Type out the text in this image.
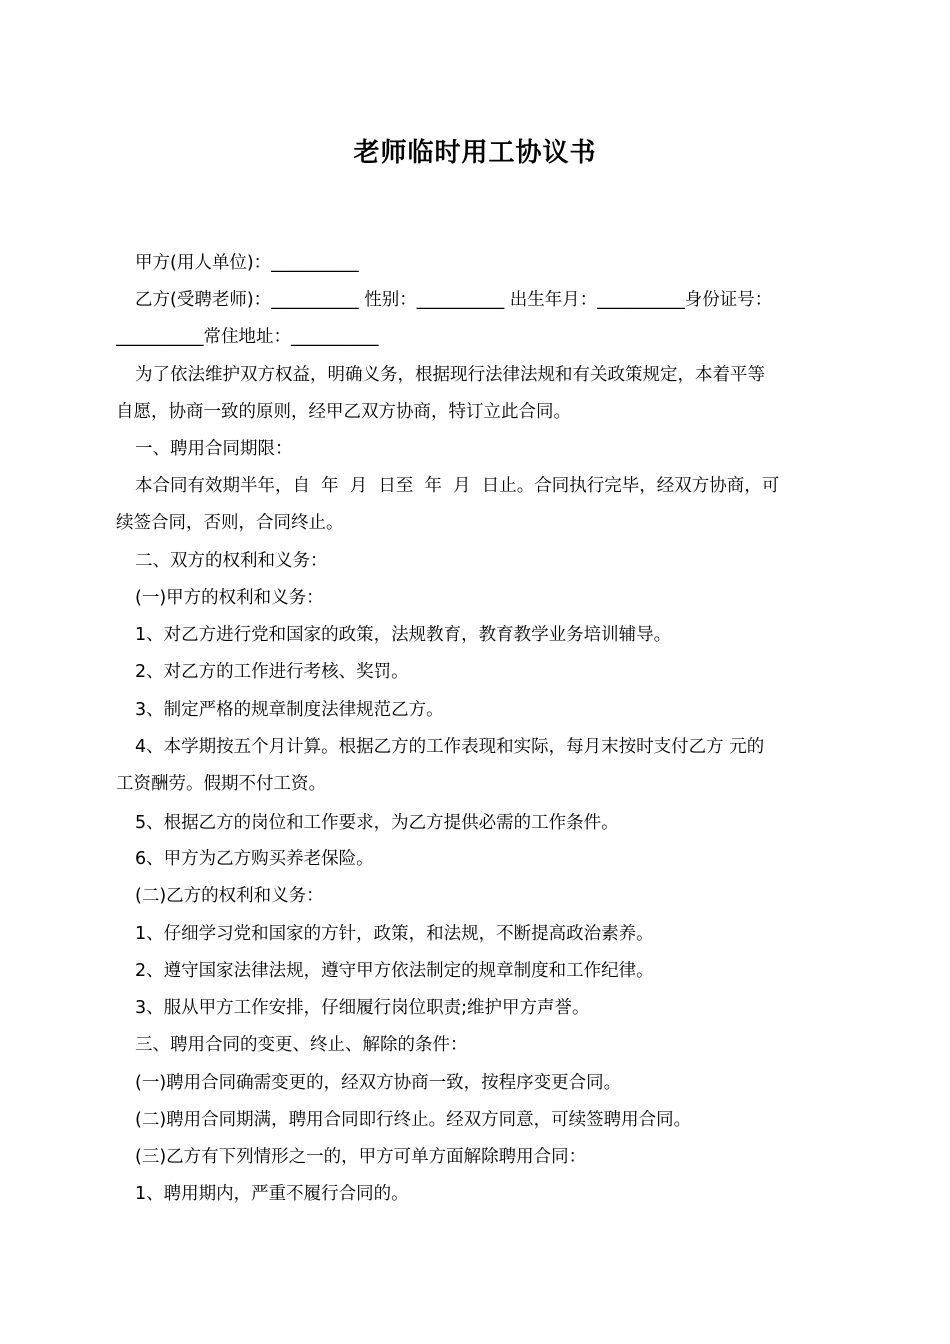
老师临时用工协议书
甲方(用人单位)：__________
乙方(受聘老师)：__________ 性别：__________ 出生年月：__________身份证号：
__________常住地址：__________
为了依法维护双方权益，明确义务，根据现行法律法规和有关政策规定，本着平等
自愿，协商一致的原则，经甲乙双方协商，特订立此合同。
一、聘用合同期限：
本合同有效期半年，自  年  月  日至  年  月  日止。合同执行完毕，经双方协商，可
续签合同，否则，合同终止。
二、双方的权利和义务：
(一)甲方的权利和义务：
1、对乙方进行党和国家的政策，法规教育，教育教学业务培训辅导。
2、对乙方的工作进行考核、奖罚。
3、制定严格的规章制度法律规范乙方。
4、本学期按五个月计算。根据乙方的工作表现和实际，每月末按时支付乙方 元的
工资酬劳。假期不付工资。
5、根据乙方的岗位和工作要求，为乙方提供必需的工作条件。
6、甲方为乙方购买养老保险。
(二)乙方的权利和义务：
1、仔细学习党和国家的方针，政策，和法规，不断提高政治素养。
2、遵守国家法律法规，遵守甲方依法制定的规章制度和工作纪律。
3、服从甲方工作安排，仔细履行岗位职责;维护甲方声誉。
三、聘用合同的变更、终止、解除的条件：
(一)聘用合同确需变更的，经双方协商一致，按程序变更合同。
(二)聘用合同期满，聘用合同即行终止。经双方同意，可续签聘用合同。
(三)乙方有下列情形之一的，甲方可单方面解除聘用合同：
1、聘用期内，严重不履行合同的。
